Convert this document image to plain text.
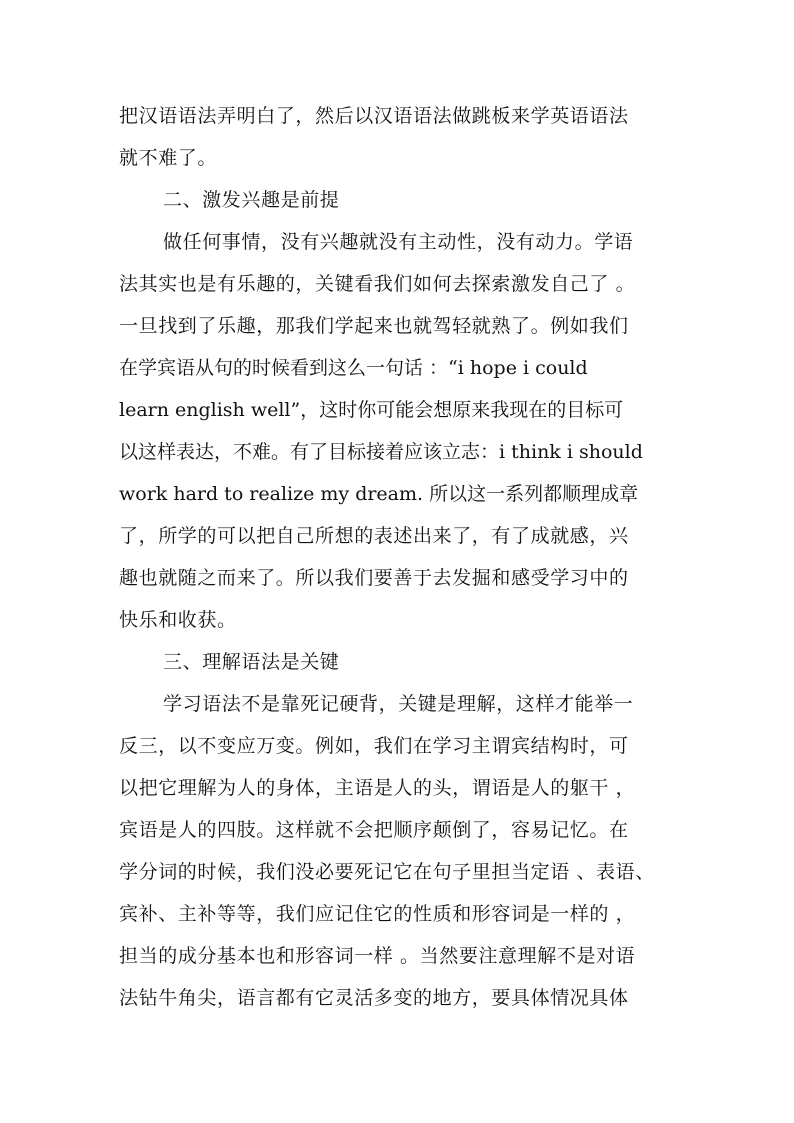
把汉语语法弄明白了，然后以汉语语法做跳板来学英语语法
就不难了。
二、激发兴趣是前提
做任何事情，没有兴趣就没有主动性，没有动力。学语
法其实也是有乐趣的，关键看我们如何去探索激发自己了 。
一旦找到了乐趣，那我们学起来也就驾轻就熟了。例如我们
在学宾语从句的时候看到这么一句话 ：“i hope i could
learn english well”，这时你可能会想原来我现在的目标可
以这样表达，不难。有了目标接着应该立志：i think i should
work hard to realize my dream. 所以这一系列都顺理成章
了，所学的可以把自己所想的表述出来了，有了成就感，兴
趣也就随之而来了。所以我们要善于去发掘和感受学习中的
快乐和收获。
三、理解语法是关键
学习语法不是靠死记硬背，关键是理解，这样才能举一
反三，以不变应万变。例如，我们在学习主谓宾结构时，可
以把它理解为人的身体，主语是人的头，谓语是人的躯干 ，
宾语是人的四肢。这样就不会把顺序颠倒了，容易记忆。在
学分词的时候，我们没必要死记它在句子里担当定语 、表语、
宾补、主补等等，我们应记住它的性质和形容词是一样的 ，
担当的成分基本也和形容词一样 。当然要注意理解不是对语
法钻牛角尖，语言都有它灵活多变的地方，要具体情况具体
